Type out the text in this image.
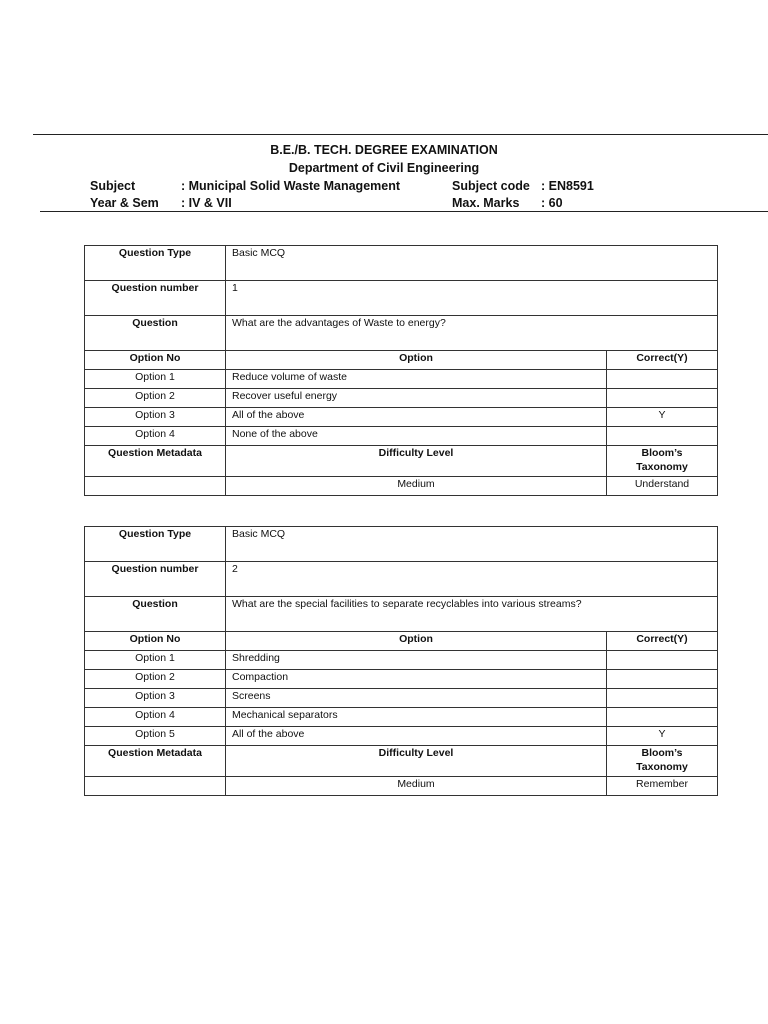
B.E./B. TECH. DEGREE EXAMINATION
Department of Civil Engineering
Subject	: Municipal Solid Waste Management	Subject code : EN8591
Year & Sem : IV & VII	Max. Marks : 60
Question Type	Basic MCQ	
Question number	1	
Question	What are the advantages of Waste to energy?	
Option No	Option	Correct(Y)
Option 1	Reduce volume of waste	
Option 2	Recover useful energy	
Option 3	All of the above	Y
Option 4	None of the above	
Question Metadata	Difficulty Level	Bloom’s
Taxonomy

	Medium	Understand
Question Type	Basic MCQ	
Question number	2	
Question	What are the special facilities to separate recyclables into various streams?	
Option No	Option	Correct(Y)
Option 1	Shredding	
Option 2	Compaction	
Option 3	Screens	
Option 4	Mechanical separators	
Option 5	All of the above	Y
Question Metadata	Difficulty Level	Bloom’s
Taxonomy

	Medium	Remember
